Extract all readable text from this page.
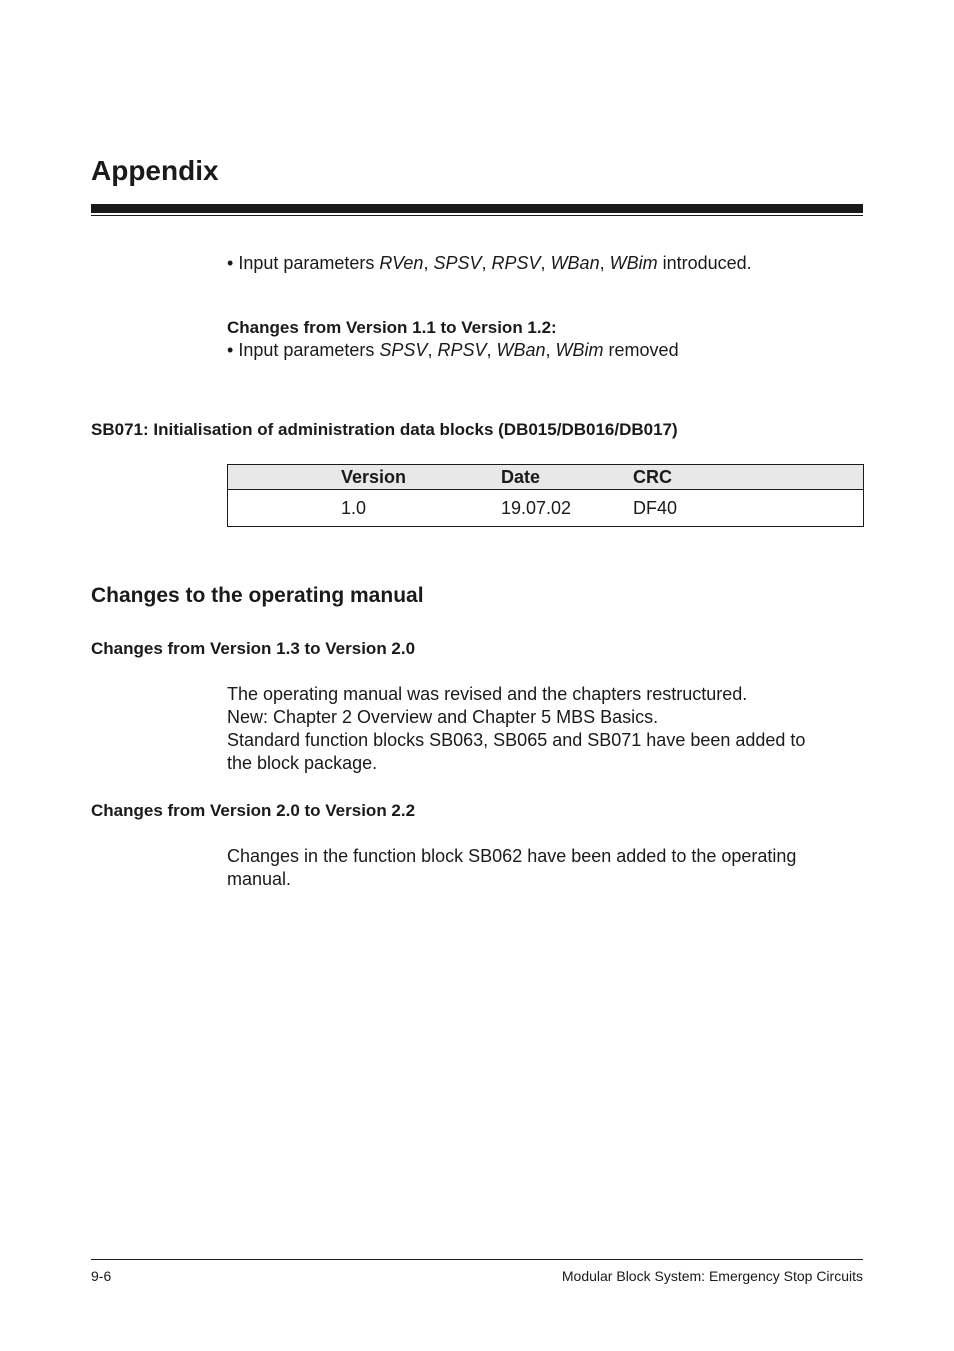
Appendix

• Input parameters RVen, SPSV, RPSV, WBan, WBim introduced.

Changes from Version 1.1 to Version 1.2:

• Input parameters SPSV, RPSV, WBan, WBim removed

SB071: Initialisation of administration data blocks (DB015/DB016/DB017)

Version	Date	CRC
1.0	19.07.02	DF40
Changes to the operating manual

Changes from Version 1.3 to Version 2.0

The operating manual was revised and the chapters restructured.
New: Chapter 2 Overview and Chapter 5 MBS Basics.
Standard function blocks SB063, SB065 and SB071 have been added to
the block package.

Changes from Version 2.0 to Version 2.2

Changes in the function block SB062 have been added to the operating
manual.

9-6	Modular Block System: Emergency Stop Circuits
